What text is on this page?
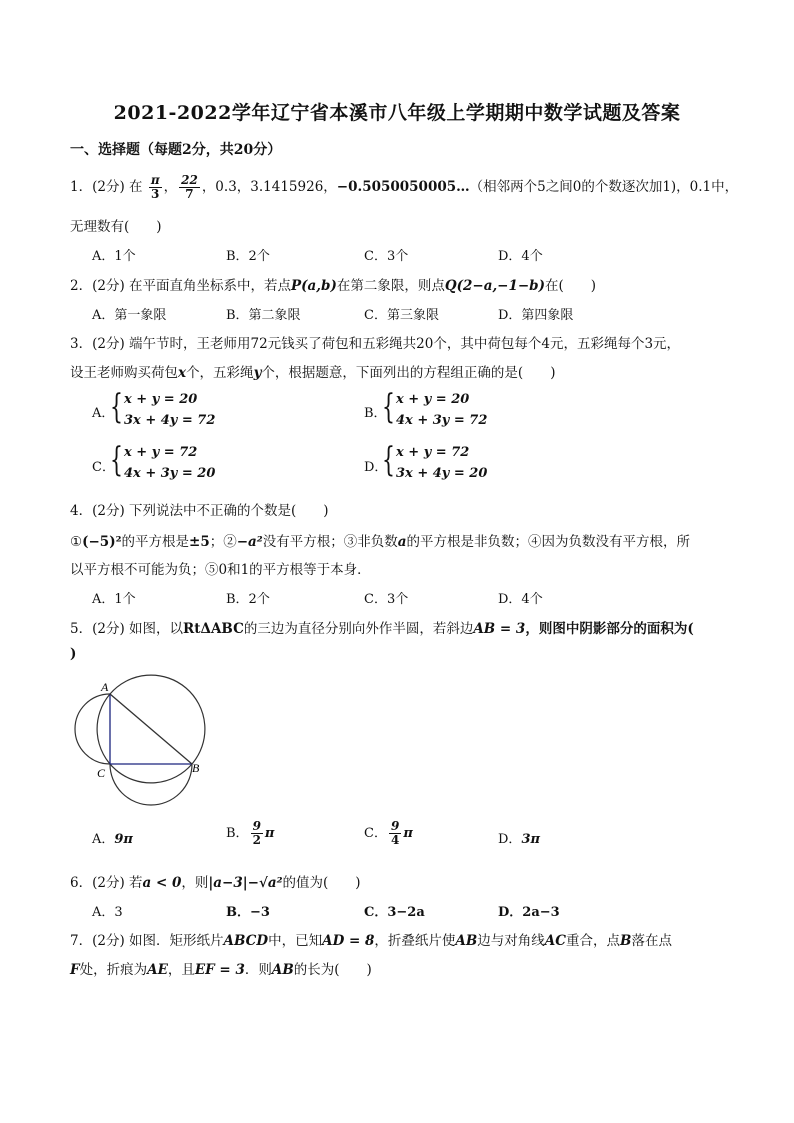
2021-2022学年辽宁省本溪市八年级上学期期中数学试题及答案
一、选择题（每题2分，共20分）
1．(2分) 在 $\frac{\pi}{3}$ ， $\frac{22}{7}$ ，0.3，3.1415926，−0.5050050005…（相邻两个5之间0的个数逐次加1)，0.1中，
无理数有(　　)
A．1个	B．2个	C．3个	D．4个
2．(2分) 在平面直角坐标系中，若点P(a,b)在第二象限，则点Q(2−a,−1−b)在(　　)
A．第一象限	B．第二象限	C．第三象限	D．第四象限
3．(2分) 端午节时，王老师用72元钱买了荷包和五彩绳共20个，其中荷包每个4元，五彩绳每个3元，
设王老师购买荷包x个，五彩绳y个，根据题意，下面列出的方程组正确的是(　　)
A．
{ x + y = 20
3x + 4y = 72	B．
{ x + y = 20
4x + 3y = 72
C．
{ x + y = 72
4x + 3y = 20	D．
{ x + y = 72
3x + 4y = 20
4．(2分) 下列说法中不正确的个数是(　　)
①(−5)²的平方根是±5；②−a²没有平方根；③非负数a的平方根是非负数；④因为负数没有平方根，所
以平方根不可能为负；⑤0和1的平方根等于本身．
A．1个	B．2个	C．3个	D．4个
5．(2分) 如图，以RtΔABC的三边为直径分别向外作半圆，若斜边AB = 3，则图中阴影部分的面积为(
)
A
C	B
A．9π	B． $\frac{9}{2}$ π	C． $\frac{9}{4}$ π	D．3π
6．(2分) 若a < 0，则|a−3|−√a²的值为(　　)
A．3	B．−3	C．3−2a	D．2a−3
7．(2分) 如图．矩形纸片ABCD中，已知AD = 8，折叠纸片使AB边与对角线AC重合，点B落在点
F处，折痕为AE，且EF = 3．则AB的长为(　　)
